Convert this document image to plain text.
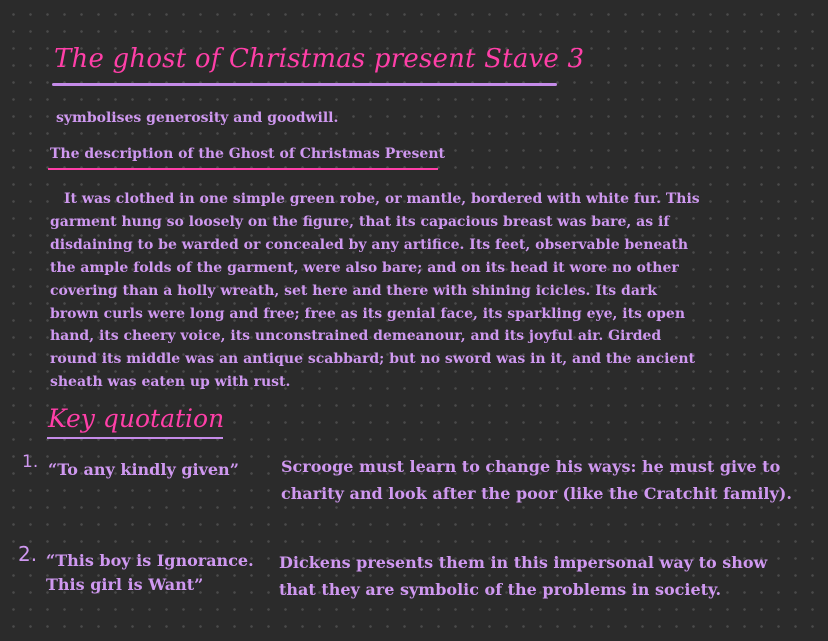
The ghost of Christmas present Stave 3
symbolises generosity and goodwill.
The description of the Ghost of Christmas Present

It was clothed in one simple green robe, or mantle, bordered with white fur. This garment hung so loosely on the figure, that its capacious breast was bare, as if disdaining to be warded or concealed by any artifice. Its feet, observable beneath the ample folds of the garment, were also bare; and on its head it wore no other covering than a holly wreath, set here and there with shining icicles. Its dark brown curls were long and free; free as its genial face, its sparkling eye, its open hand, its cheery voice, its unconstrained demeanour, and its joyful air. Girded round its middle was an antique scabbard; but no sword was in it, and the ancient sheath was eaten up with rust.

Key quotation
1. “To any kindly given”	Scrooge must learn to change his ways: he must give to charity and look after the poor (like the Cratchit family).
2. “This boy is Ignorance. This girl is Want”
Dickens presents them in this impersonal way to show that they are symbolic of the problems in society.
